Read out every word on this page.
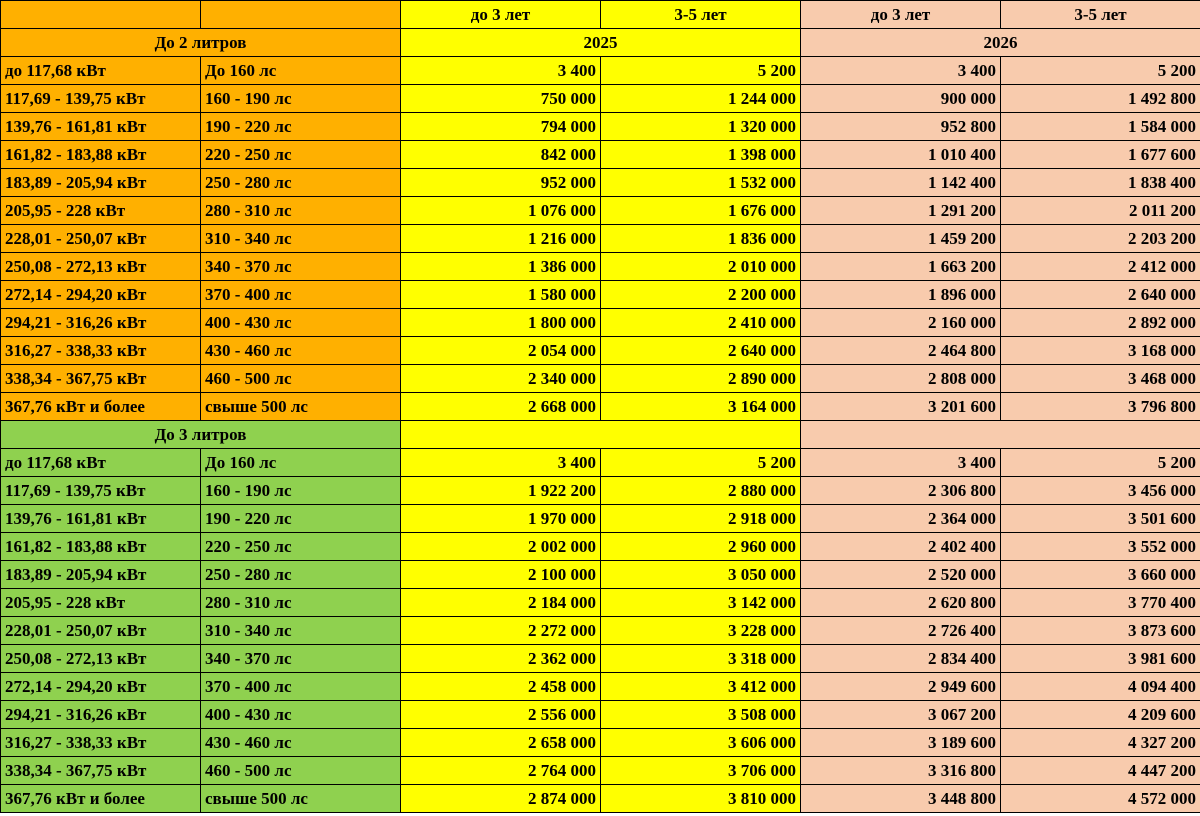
		до 3 лет	3-5 лет	до 3 лет	3-5 лет
До 2 литров		2025		2026	
до 117,68 кВт	До 160 лс	3 400	5 200	3 400	5 200
117,69 - 139,75 кВт	160 - 190 лс	750 000	1 244 000	900 000	1 492 800
139,76 - 161,81 кВт	190 - 220 лс	794 000	1 320 000	952 800	1 584 000
161,82 - 183,88 кВт	220 - 250 лс	842 000	1 398 000	1 010 400	1 677 600
183,89 - 205,94 кВт	250 - 280 лс	952 000	1 532 000	1 142 400	1 838 400
205,95 - 228 кВт	280 - 310 лс	1 076 000	1 676 000	1 291 200	2 011 200
228,01 - 250,07 кВт	310 - 340 лс	1 216 000	1 836 000	1 459 200	2 203 200
250,08 - 272,13 кВт	340 - 370 лс	1 386 000	2 010 000	1 663 200	2 412 000
272,14 - 294,20 кВт	370 - 400 лс	1 580 000	2 200 000	1 896 000	2 640 000
294,21 - 316,26 кВт	400 - 430 лс	1 800 000	2 410 000	2 160 000	2 892 000
316,27 - 338,33 кВт	430 - 460 лс	2 054 000	2 640 000	2 464 800	3 168 000
338,34 - 367,75 кВт	460 - 500 лс	2 340 000	2 890 000	2 808 000	3 468 000
367,76 кВт и более	свыше 500 лс	2 668 000	3 164 000	3 201 600	3 796 800
До 3 литров					
до 117,68 кВт	До 160 лс	3 400	5 200	3 400	5 200
117,69 - 139,75 кВт	160 - 190 лс	1 922 200	2 880 000	2 306 800	3 456 000
139,76 - 161,81 кВт	190 - 220 лс	1 970 000	2 918 000	2 364 000	3 501 600
161,82 - 183,88 кВт	220 - 250 лс	2 002 000	2 960 000	2 402 400	3 552 000
183,89 - 205,94 кВт	250 - 280 лс	2 100 000	3 050 000	2 520 000	3 660 000
205,95 - 228 кВт	280 - 310 лс	2 184 000	3 142 000	2 620 800	3 770 400
228,01 - 250,07 кВт	310 - 340 лс	2 272 000	3 228 000	2 726 400	3 873 600
250,08 - 272,13 кВт	340 - 370 лс	2 362 000	3 318 000	2 834 400	3 981 600
272,14 - 294,20 кВт	370 - 400 лс	2 458 000	3 412 000	2 949 600	4 094 400
294,21 - 316,26 кВт	400 - 430 лс	2 556 000	3 508 000	3 067 200	4 209 600
316,27 - 338,33 кВт	430 - 460 лс	2 658 000	3 606 000	3 189 600	4 327 200
338,34 - 367,75 кВт	460 - 500 лс	2 764 000	3 706 000	3 316 800	4 447 200
367,76 кВт и более	свыше 500 лс	2 874 000	3 810 000	3 448 800	4 572 000
